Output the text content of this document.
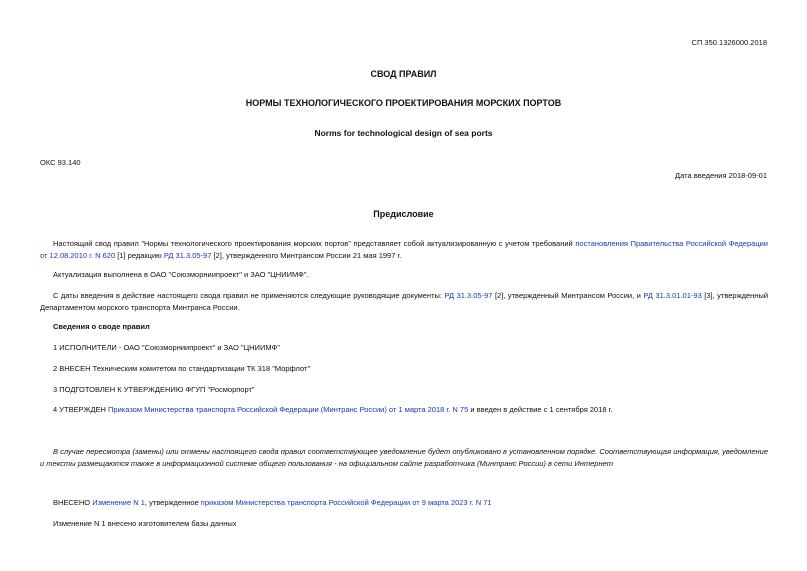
СП 350.1326000.2018
СВОД ПРАВИЛ
НОРМЫ ТЕХНОЛОГИЧЕСКОГО ПРОЕКТИРОВАНИЯ МОРСКИХ ПОРТОВ
Norms for technological design of sea ports
ОКС 93.140
Дата введения 2018-09-01
Предисловие
Настоящий свод правил "Нормы технологического проектирования морских портов" представляет собой актуализированную с учетом требований постановления Правительства Российской Федерации от 12.08.2010 г. N 620 [1] редакцию РД 31.3.05-97 [2], утвержденного Минтрансом России 21 мая 1997 г.
Актуализация выполнена в ОАО "Союзморниипроект" и ЗАО "ЦНИИМФ".
С даты введения в действие настоящего свода правил не применяются следующие руководящие документы: РД 31.3.05-97 [2], утвержденный Минтрансом России, и РД 31.3.01.01-93 [3], утвержденный Департаментом морского транспорта Минтранса России.
Сведения о своде правил
1 ИСПОЛНИТЕЛИ - ОАО "Союзморниипроект" и ЗАО "ЦНИИМФ"
2 ВНЕСЕН Техническим комитетом по стандартизации ТК 318 "Морфлот"
3 ПОДГОТОВЛЕН К УТВЕРЖДЕНИЮ ФГУП "Росморпорт"
4 УТВЕРЖДЕН Приказом Министерства транспорта Российской Федерации (Минтранс России) от 1 марта 2018 г. N 75 и введен в действие с 1 сентября 2018 г.
В случае пересмотра (замены) или отмены настоящего свода правил соответствующее уведомление будет опубликовано в установленном порядке. Соответствующая информация, уведомление и тексты размещаются также в информационной системе общего пользования - на официальном сайте разработчика (Минтранс России) в сети Интернет
ВНЕСЕНО Изменение N 1, утвержденное приказом Министерства транспорта Российской Федерации от 9 марта 2023 г. N 71
Изменение N 1 внесено изготовителем базы данных
